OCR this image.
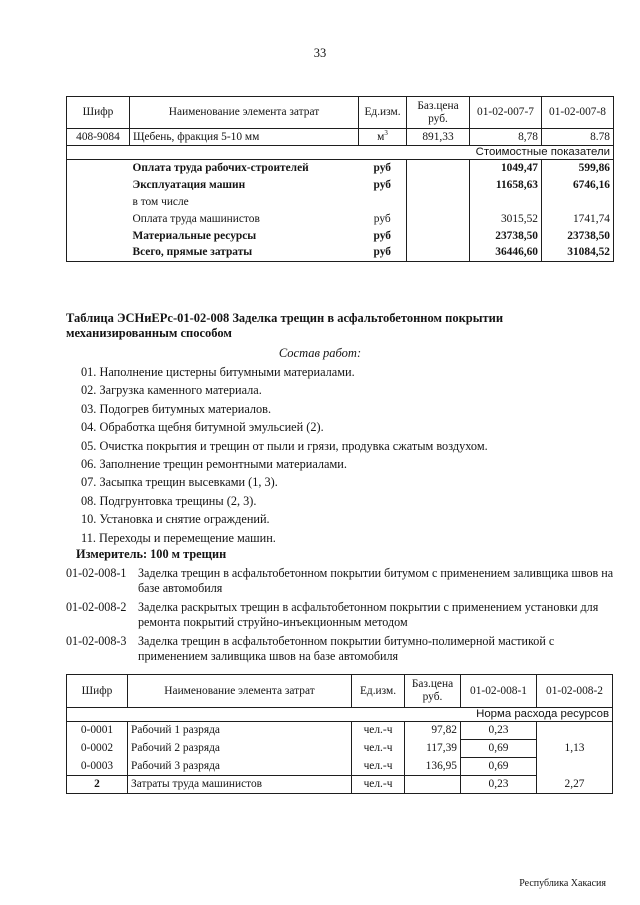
33
Шифр	Наименование элемента затрат	Ед.изм.	Баз.цена руб.	01-02-007-7	01-02-007-8
408-9084	Щебень, фракция 5-10 мм	$м^3$	891,33	8,78	8.78
Стоимостные показатели					
	Оплата труда рабочих-строителей	руб		1049,47	599,86
	Эксплуатация машин	руб		11658,63	6746,16
	в том числе				
	Оплата труда машинистов	руб		3015,52	1741,74
	Материальные ресурсы	руб		23738,50	23738,50
	Всего, прямые затраты	руб		36446,60	31084,52
Таблица ЭСНиЕРс-01-02-008 Заделка трещин в асфальтобетонном покрытии механизированным способом
Состав работ:
01. Наполнение цистерны битумными материалами.
02. Загрузка каменного материала.
03. Подогрев битумных материалов.
04. Обработка щебня битумной эмульсией (2).
05. Очистка покрытия и трещин от пыли и грязи, продувка сжатым воздухом.
06. Заполнение трещин ремонтными материалами.
07. Засыпка трещин высевками (1, 3).
08. Подгрунтовка трещины (2, 3).
10. Установка и снятие ограждений.
11. Переходы и перемещение машин.
Измеритель: 100 м трещин
01-02-008-1 Заделка трещин в асфальтобетонном покрытии битумом с применением заливщика швов на базе автомобиля
01-02-008-2 Заделка раскрытых трещин в асфальтобетонном покрытии с применением установки для ремонта покрытий струйно-инъекционным методом
01-02-008-3 Заделка трещин в асфальтобетонном покрытии битумно-полимерной мастикой с применением заливщика швов на базе автомобиля
Шифр	Наименование элемента затрат	Ед.изм.	Баз.цена руб.	01-02-008-1	01-02-008-2
Норма расхода ресурсов					
0-0001	Рабочий 1 разряда	чел.-ч	97,82	0,23	1,13
0-0002	Рабочий 2 разряда	чел.-ч	117,39	0,69	
0-0003	Рабочий 3 разряда	чел.-ч	136,95	0,69	
2	Затраты труда машинистов	чел.-ч		0,23	2,27
Республика Хакасия
